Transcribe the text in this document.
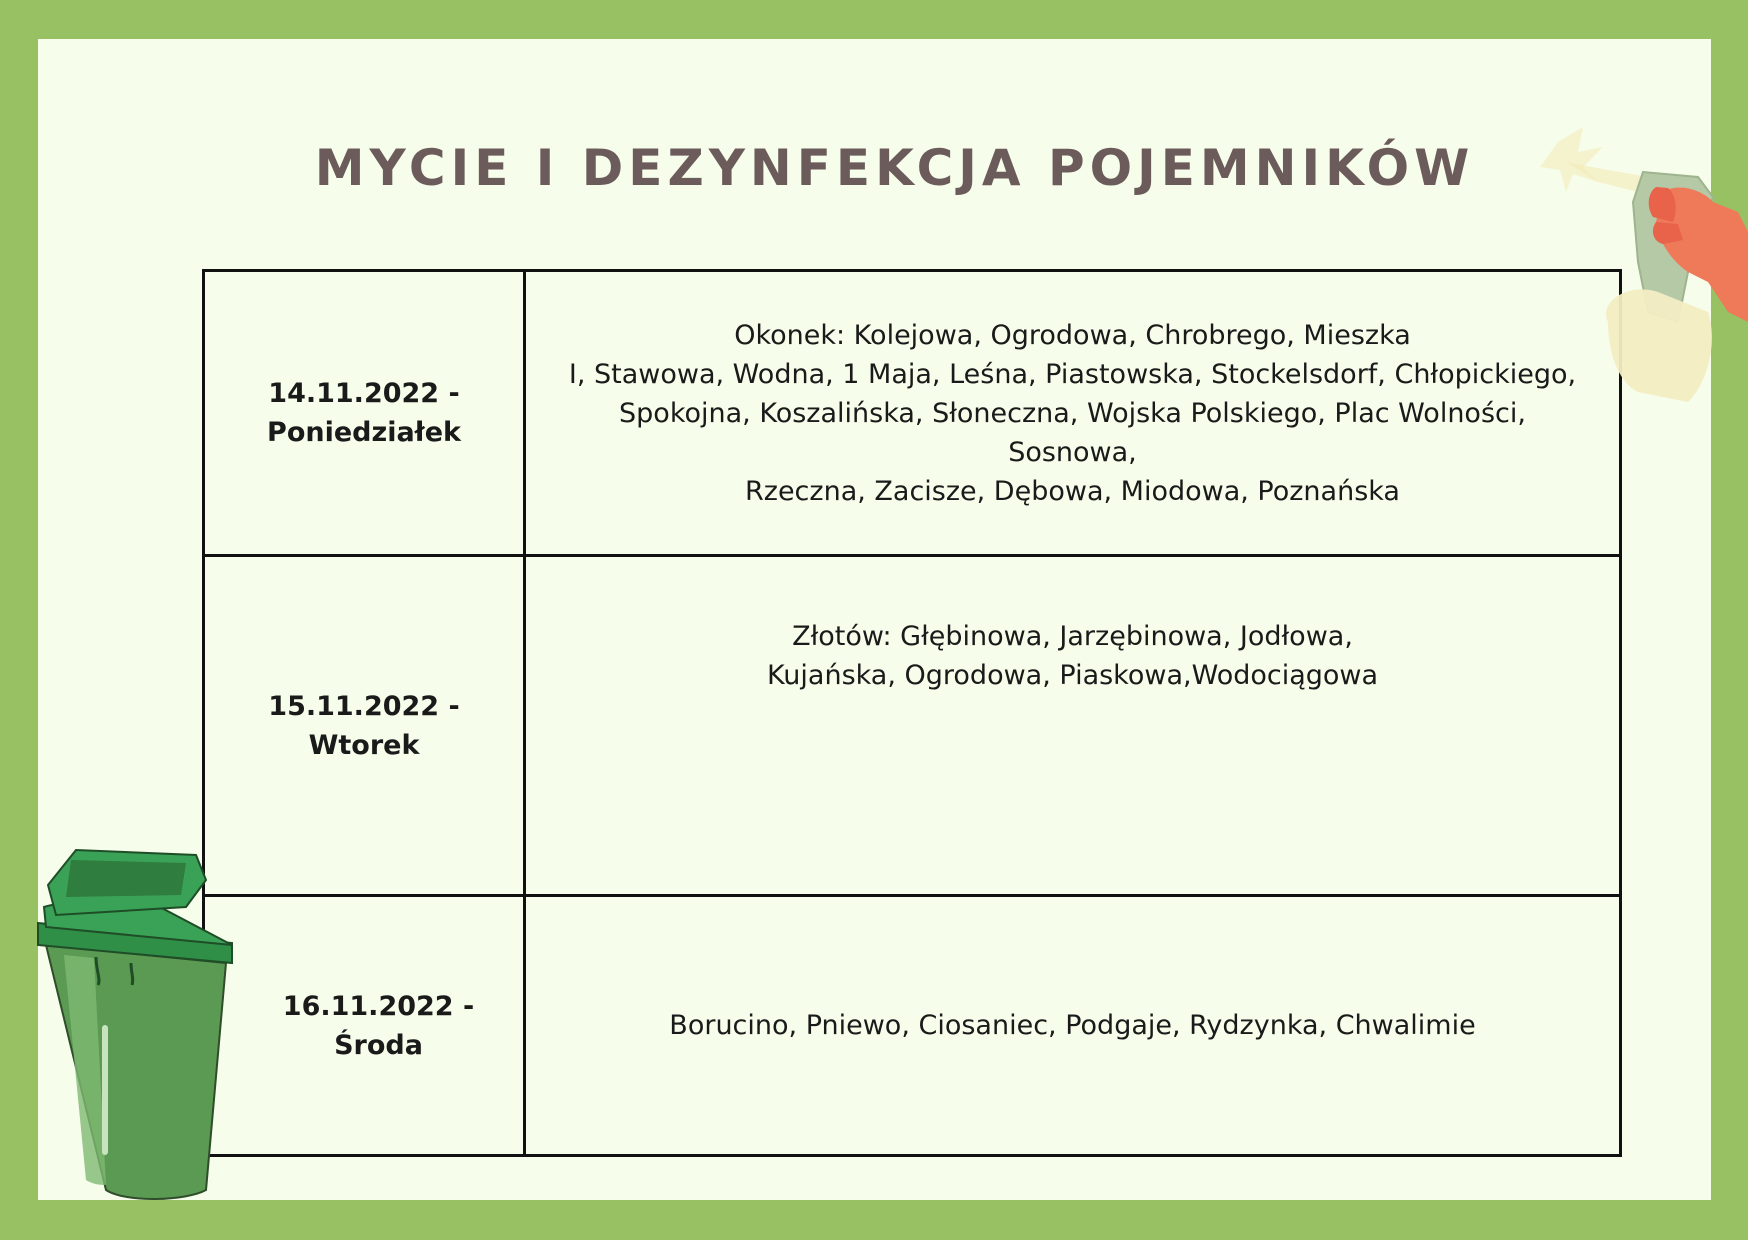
MYCIE I DEZYNFEKCJA POJEMNIKÓW
14.11.2022 -
Poniedziałek	Okonek: Kolejowa, Ogrodowa, Chrobrego, Mieszka
I, Stawowa, Wodna, 1 Maja, Leśna, Piastowska, Stockelsdorf, Chłopickiego,
Spokojna, Koszalińska, Słoneczna, Wojska Polskiego, Plac Wolności, Sosnowa,
Rzeczna, Zacisze, Dębowa, Miodowa, Poznańska

15.11.2022 -
Wtorek	Złotów: Głębinowa, Jarzębinowa, Jodłowa,
Kujańska, Ogrodowa, Piaskowa,Wodociągowa

16.11.2022 -
Środa	Borucino, Pniewo, Ciosaniec, Podgaje, Rydzynka, Chwalimie
